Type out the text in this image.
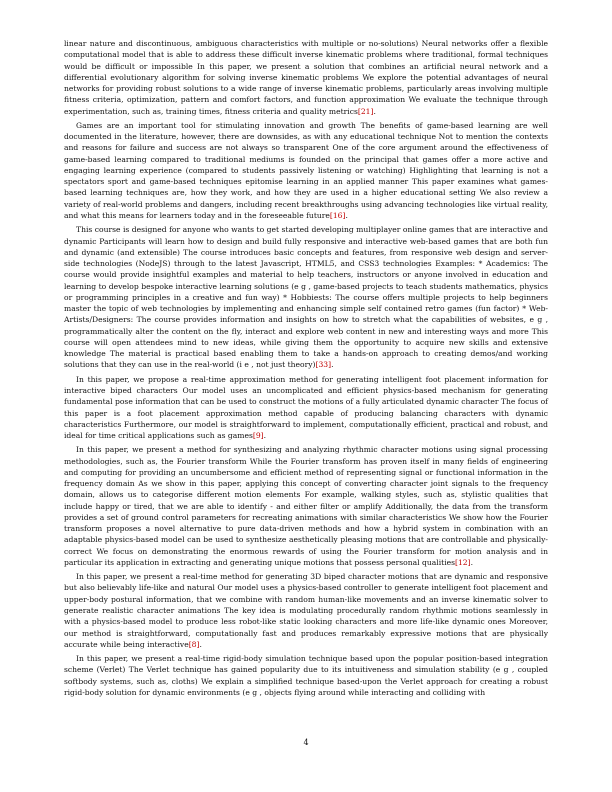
linear nature and discontinuous, ambiguous characteristics with multiple or no-solutions) Neural networks offer a flexible computational model that is able to address these difficult inverse kinematic problems where traditional, formal techniques would be difficult or impossible In this paper, we present a solution that combines an artificial neural network and a differential evolutionary algorithm for solving inverse kinematic problems We explore the potential advantages of neural networks for providing robust solutions to a wide range of inverse kinematic problems, particularly areas involving multiple fitness criteria, optimization, pattern and comfort factors, and function approximation We evaluate the technique through experimentation, such as, training times, fitness criteria and quality metrics[21].

Games are an important tool for stimulating innovation and growth The benefits of game-based learning are well documented in the literature, however, there are downsides, as with any educational technique Not to mention the contexts and reasons for failure and success are not always so transparent One of the core argument around the effectiveness of game-based learning compared to traditional mediums is founded on the principal that games offer a more active and engaging learning experience (compared to students passively listening or watching) Highlighting that learning is not a spectators sport and game-based techniques epitomise learning in an applied manner This paper examines what games-based learning techniques are, how they work, and how they are used in a higher educational setting We also review a variety of real-world problems and dangers, including recent breakthroughs using advancing technologies like virtual reality, and what this means for learners today and in the foreseeable future[16].

This course is designed for anyone who wants to get started developing multiplayer online games that are interactive and dynamic Participants will learn how to design and build fully responsive and interactive web-based games that are both fun and dynamic (and extensible) The course introduces basic concepts and features, from responsive web design and server-side technologies (NodeJS) through to the latest Javascript, HTML5, and CSS3 technologies Examples: * Academics: The course would provide insightful examples and material to help teachers, instructors or anyone involved in education and learning to develop bespoke interactive learning solutions (e g , game-based projects to teach students mathematics, physics or programming principles in a creative and fun way) * Hobbiests: The course offers multiple projects to help beginners master the topic of web technologies by implementing and enhancing simple self contained retro games (fun factor) * Web-Artists/Designers: The course provides information and insights on how to stretch what the capabilities of websites, e g , programmatically alter the content on the fly, interact and explore web content in new and interesting ways and more This course will open attendees mind to new ideas, while giving them the opportunity to acquire new skills and extensive knowledge The material is practical based enabling them to take a hands-on approach to creating demos/and working solutions that they can use in the real-world (i e , not just theory)[33].

In this paper, we propose a real-time approximation method for generating intelligent foot placement information for interactive biped characters Our model uses an uncomplicated and efficient physics-based mechanism for generating fundamental pose information that can be used to construct the motions of a fully articulated dynamic character The focus of this paper is a foot placement approximation method capable of producing balancing characters with dynamic characteristics Furthermore, our model is straightforward to implement, computationally efficient, practical and robust, and ideal for time critical applications such as games[9].

In this paper, we present a method for synthesizing and analyzing rhythmic character motions using signal processing methodologies, such as, the Fourier transform While the Fourier transform has proven itself in many fields of engineering and computing for providing an uncumbersome and efficient method of representing signal or functional information in the frequency domain As we show in this paper, applying this concept of converting character joint signals to the frequency domain, allows us to categorise different motion elements For example, walking styles, such as, stylistic qualities that include happy or tired, that we are able to identify - and either filter or amplify Additionally, the data from the transform provides a set of ground control parameters for recreating animations with similar characteristics We show how the Fourier transform proposes a novel alternative to pure data-driven methods and how a hybrid system in combination with an adaptable physics-based model can be used to synthesize aesthetically pleasing motions that are controllable and physically-correct We focus on demonstrating the enormous rewards of using the Fourier transform for motion analysis and in particular its application in extracting and generating unique motions that possess personal qualities[12].

In this paper, we present a real-time method for generating 3D biped character motions that are dynamic and responsive but also believably life-like and natural Our model uses a physics-based controller to generate intelligent foot placement and upper-body postural information, that we combine with random human-like movements and an inverse kinematic solver to generate realistic character animations The key idea is modulating procedurally random rhythmic motions seamlessly in with a physics-based model to produce less robot-like static looking characters and more life-like dynamic ones Moreover, our method is straightforward, computationally fast and produces remarkably expressive motions that are physically accurate while being interactive[8].

In this paper, we present a real-time rigid-body simulation technique based upon the popular position-based integration scheme (Verlet) The Verlet technique has gained popularity due to its intuitiveness and simulation stability (e g , coupled softbody systems, such as, cloths) We explain a simplified technique based-upon the Verlet approach for creating a robust rigid-body solution for dynamic environments (e g , objects flying around while interacting and colliding with

4
